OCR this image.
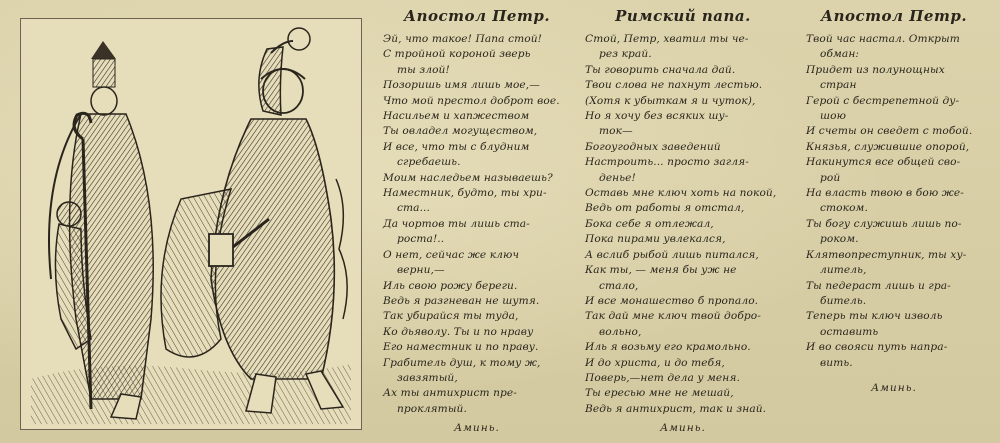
Апостол Петр.
Эй, что такое! Папа стой!
С тройной короной зверь
ты злой!
Позоришь имя лишь мое,—
Что мой престол доброт вое.
Насильем и хапжеством
Ты овладел могуществом,
И все, что ты с блудним
сгребаешь.
Моим наследьем называешь?
Наместник, будто, ты хри-
ста...
Да чортов ты лишь ста-
роста!..
О нет, сейчас же ключ
верни,—
Иль свою рожу береги.
Ведь я разгневан не шутя.
Так убирайся ты туда,
Ко дьяволу. Ты и по нраву
Его наместник и по праву.
Грабитель душ, к тому ж,
завзятый,
Ах ты антихрист пре-
проклятый.
Аминь.
Римский папа.
Стой, Петр, хватил ты че-
рез край.
Ты говорить сначала дай.
Твои слова не пахнут лестью.
(Хотя к убыткам я и чуток),
Но я хочу без всяких шу-
ток—
Богоугодных заведений
Настроить... просто загля-
денье!
Оставь мне ключ хоть на покой,
Ведь от работы я отстал,
Бока себе я отлежал,
Пока пирами увлекался,
А вслиб рыбой лишь питался,
Как ты, — меня бы уж не
стало,
И все монашество б пропало.
Так дай мне ключ твой добро-
вольно,
Иль я возьму его крамольно.
И до христа, и до тебя,
Поверь,—нет дела у меня.
Ты ересью мне не мешай,
Ведь я антихрист, так и знай.
Аминь.
Апостол Петр.
Твой час настал. Открыт
обман:
Придет из полунощных
стран
Герой с бестрепетной ду-
шою
И счеты он сведет с тобой.
Князья, служившие опорой,
Накинутся все общей сво-
рой
На власть твою в бою же-
стоком.
Ты богу служишь лишь по-
роком.
Клятвопреступник, ты ху-
литель,
Ты педераст лишь и гра-
битель.
Теперь ты ключ изволь
оставить
И во свояси путь напра-
вить.
Аминь.
